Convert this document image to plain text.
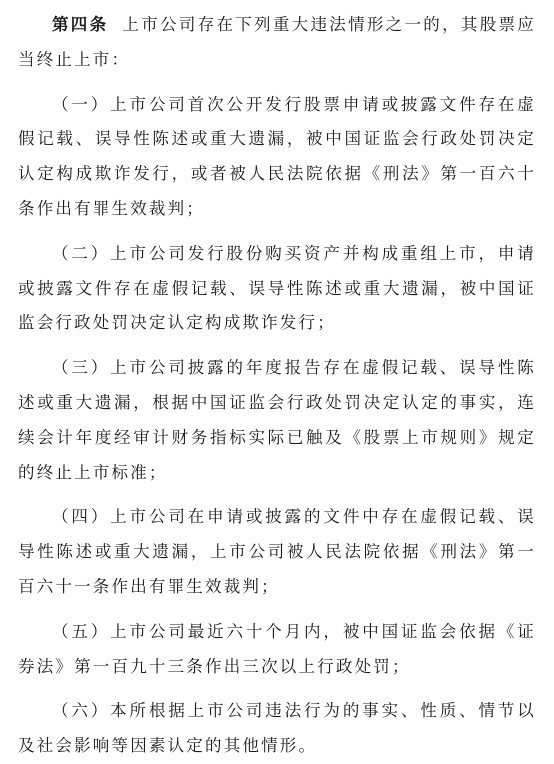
第四条 上市公司存在下列重大违法情形之一的，其股票应当终止上市：

（一）上市公司首次公开发行股票申请或披露文件存在虚假记载、误导性陈述或重大遗漏，被中国证监会行政处罚决定认定构成欺诈发行，或者被人民法院依据《刑法》第一百六十条作出有罪生效裁判；

（二）上市公司发行股份购买资产并构成重组上市，申请或披露文件存在虚假记载、误导性陈述或重大遗漏，被中国证监会行政处罚决定认定构成欺诈发行；

（三）上市公司披露的年度报告存在虚假记载、误导性陈述或重大遗漏，根据中国证监会行政处罚决定认定的事实，连续会计年度经审计财务指标实际已触及《股票上市规则》规定的终止上市标准；

（四）上市公司在申请或披露的文件中存在虚假记载、误导性陈述或重大遗漏，上市公司被人民法院依据《刑法》第一百六十一条作出有罪生效裁判；

（五）上市公司最近六十个月内，被中国证监会依据《证券法》第一百九十三条作出三次以上行政处罚；

（六）本所根据上市公司违法行为的事实、性质、情节以及社会影响等因素认定的其他情形。
